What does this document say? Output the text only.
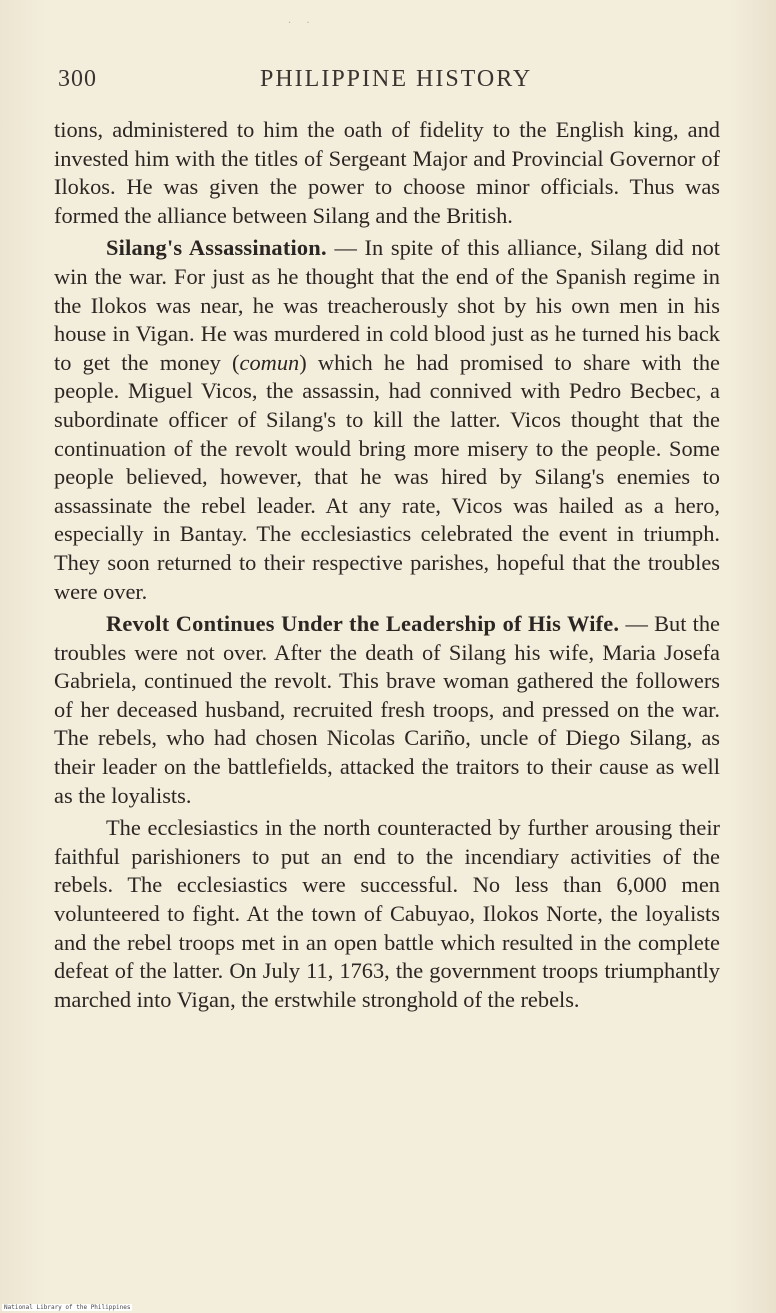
· ·
300	PHILIPPINE HISTORY

tions, administered to him the oath of fidelity to the English king, and invested him with the titles of Sergeant Major and Provincial Governor of Ilokos. He was given the power to choose minor officials. Thus was formed the alliance between Silang and the British.

Silang's Assassination. — In spite of this alliance, Silang did not win the war. For just as he thought that the end of the Spanish regime in the Ilokos was near, he was treacherously shot by his own men in his house in Vigan. He was murdered in cold blood just as he turned his back to get the money (comun) which he had promised to share with the people. Miguel Vicos, the assassin, had connived with Pedro Becbec, a subordinate officer of Silang's to kill the latter. Vicos thought that the continuation of the revolt would bring more misery to the people. Some people believed, however, that he was hired by Silang's enemies to assassinate the rebel leader. At any rate, Vicos was hailed as a hero, especially in Bantay. The ecclesiastics celebrated the event in triumph. They soon returned to their respective parishes, hopeful that the troubles were over.

Revolt Continues Under the Leadership of His Wife. — But the troubles were not over. After the death of Silang his wife, Maria Josefa Gabriela, continued the revolt. This brave woman gathered the followers of her deceased husband, recruited fresh troops, and pressed on the war. The rebels, who had chosen Nicolas Cariño, uncle of Diego Silang, as their leader on the battlefields, attacked the traitors to their cause as well as the loyalists.

The ecclesiastics in the north counteracted by further arousing their faithful parishioners to put an end to the incendiary activities of the rebels. The ecclesiastics were successful. No less than 6,000 men volunteered to fight. At the town of Cabuyao, Ilokos Norte, the loyalists and the rebel troops met in an open battle which resulted in the complete defeat of the latter. On July 11, 1763, the government troops triumphantly marched into Vigan, the erstwhile stronghold of the rebels.

National Library of the Philippines
